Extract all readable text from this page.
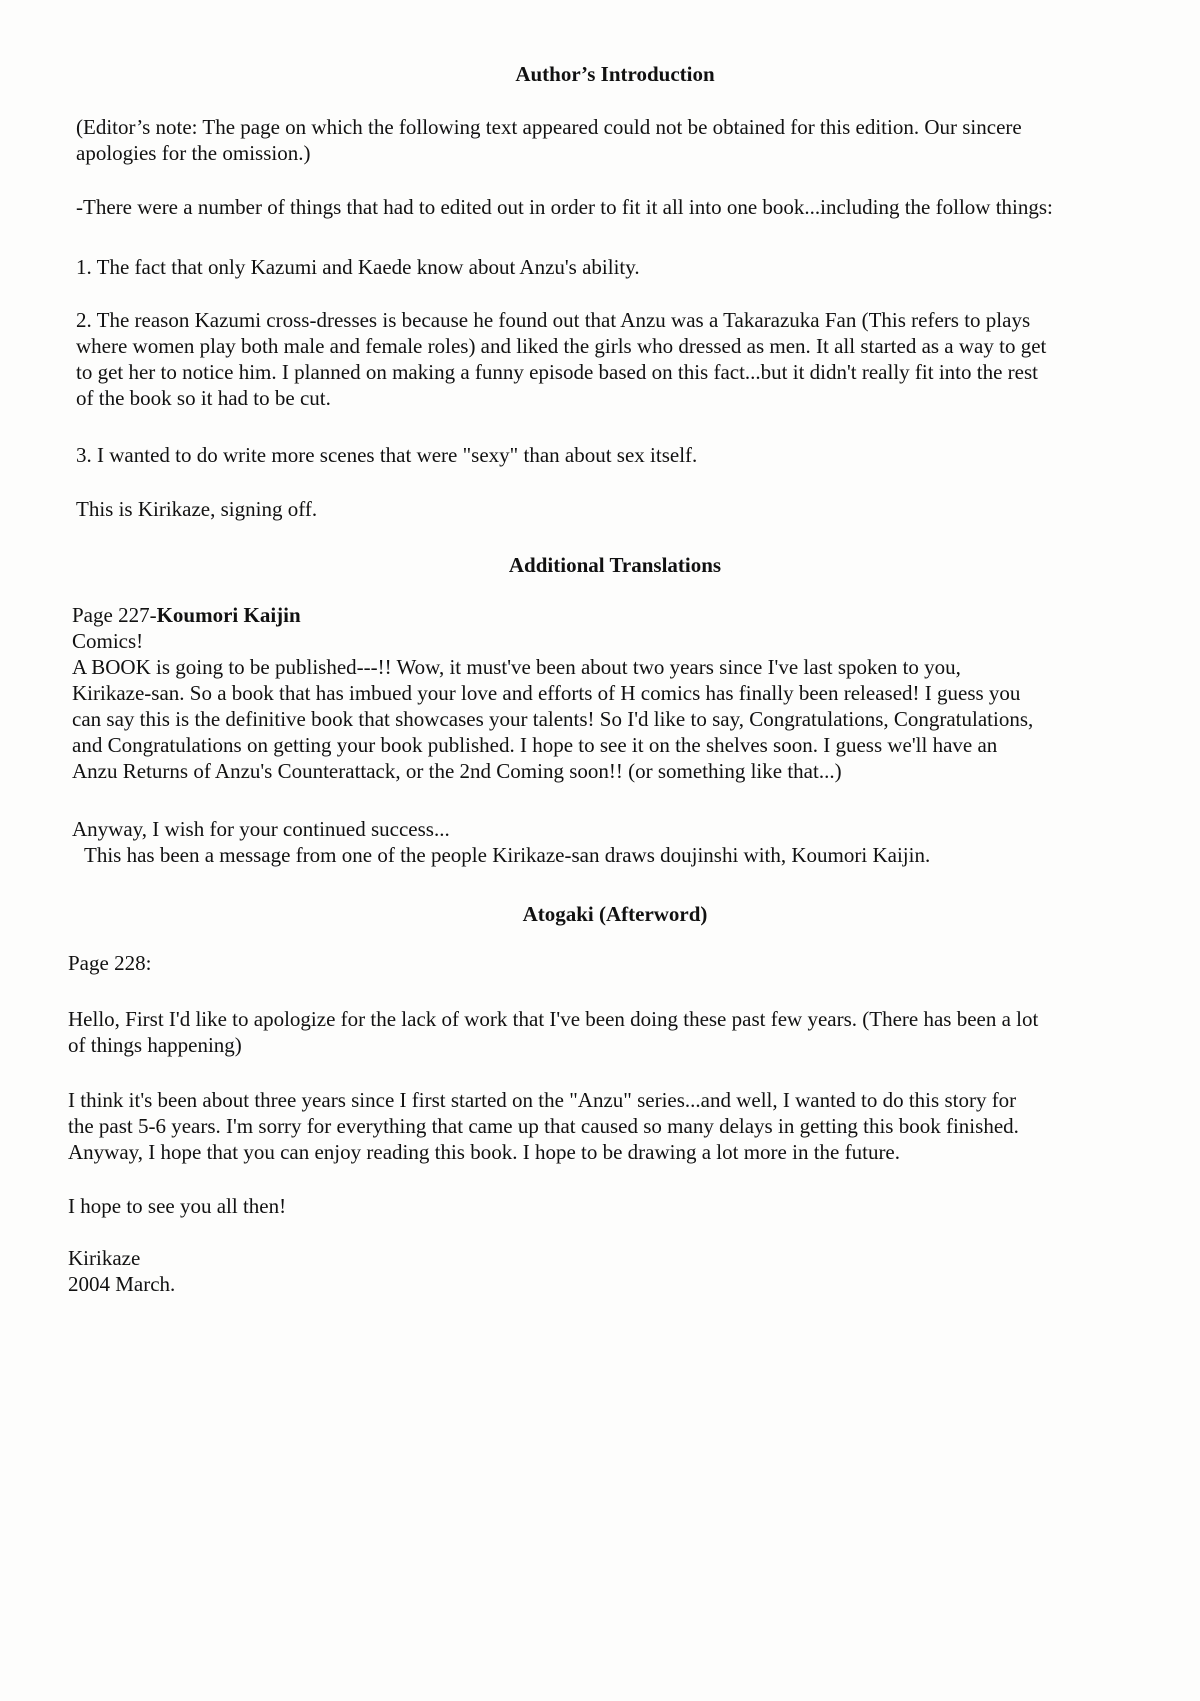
Author’s Introduction
(Editor’s note: The page on which the following text appeared could not be obtained for this edition. Our sincere
apologies for the omission.)
-There were a number of things that had to edited out in order to fit it all into one book...including the follow things:
1. The fact that only Kazumi and Kaede know about Anzu's ability.
2. The reason Kazumi cross-dresses is because he found out that Anzu was a Takarazuka Fan (This refers to plays
where women play both male and female roles) and liked the girls who dressed as men. It all started as a way to get
to get her to notice him. I planned on making a funny episode based on this fact...but it didn't really fit into the rest
of the book so it had to be cut.
3. I wanted to do write more scenes that were "sexy" than about sex itself.
This is Kirikaze, signing off.
Additional Translations
Page 227-Koumori Kaijin
Comics!
A BOOK is going to be published---!! Wow, it must've been about two years since I've last spoken to you,
Kirikaze-san. So a book that has imbued your love and efforts of H comics has finally been released! I guess you
can say this is the definitive book that showcases your talents! So I'd like to say, Congratulations, Congratulations,
and Congratulations on getting your book published. I hope to see it on the shelves soon. I guess we'll have an
Anzu Returns of Anzu's Counterattack, or the 2nd Coming soon!! (or something like that...)
Anyway, I wish for your continued success...
This has been a message from one of the people Kirikaze-san draws doujinshi with, Koumori Kaijin.
Atogaki (Afterword)
Page 228:
Hello, First I'd like to apologize for the lack of work that I've been doing these past few years. (There has been a lot
of things happening)
I think it's been about three years since I first started on the "Anzu" series...and well, I wanted to do this story for
the past 5-6 years. I'm sorry for everything that came up that caused so many delays in getting this book finished.
Anyway, I hope that you can enjoy reading this book. I hope to be drawing a lot more in the future.
I hope to see you all then!
Kirikaze
2004 March.
